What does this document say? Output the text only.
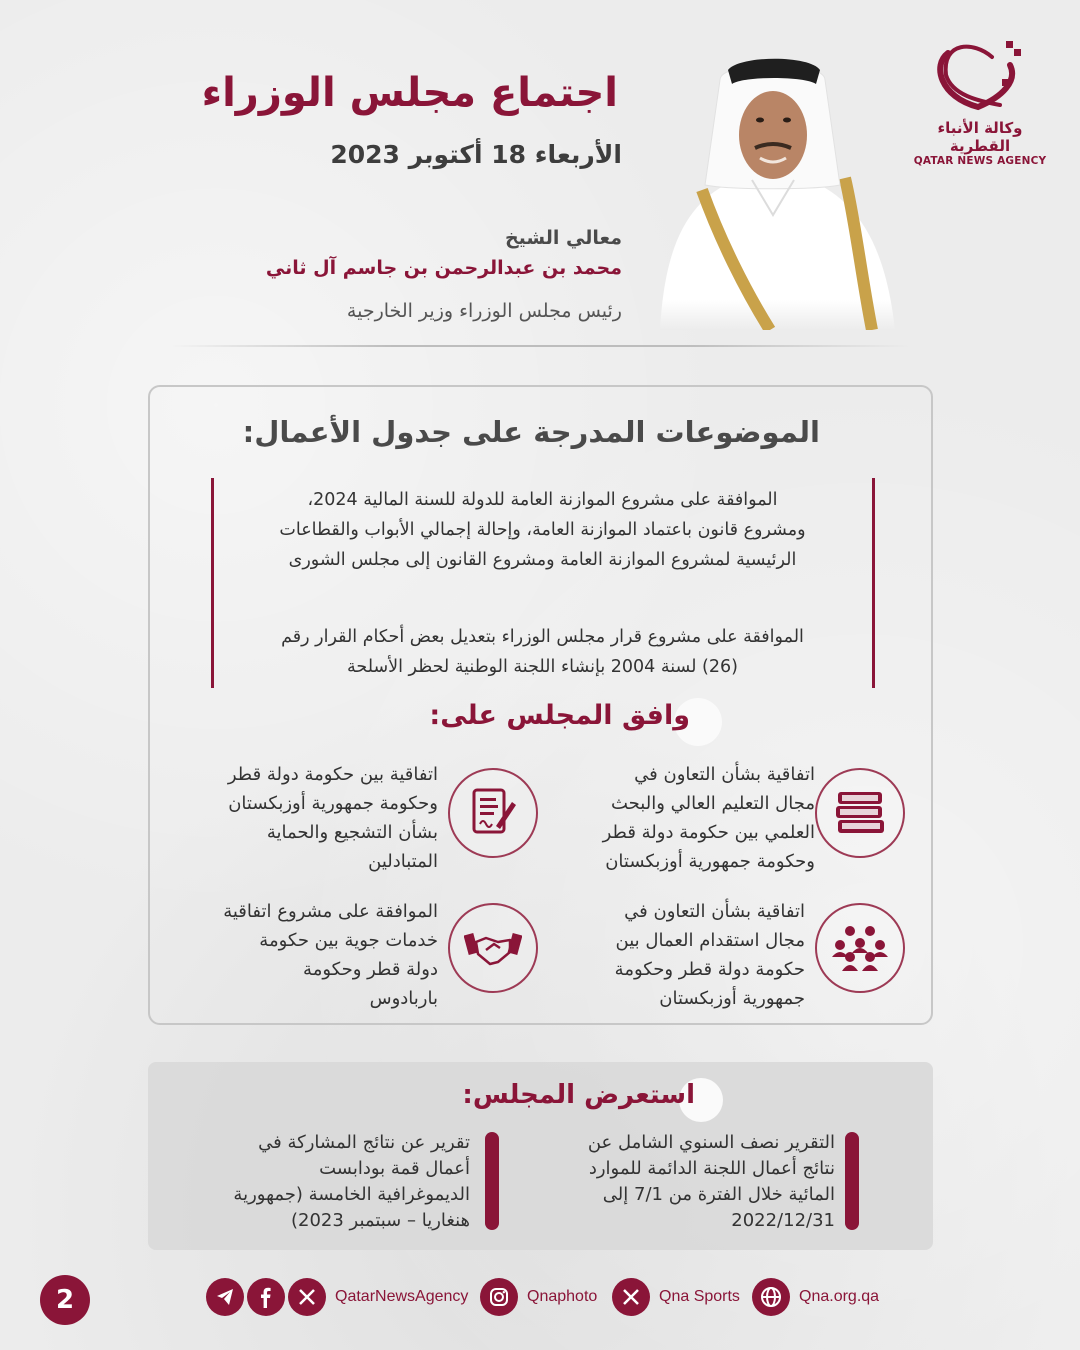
وكالة الأنباء القطرية
QATAR NEWS AGENCY
اجتماع مجلس الوزراء
الأربعاء 18 أكتوبر 2023
معالي الشيخ
محمد بن عبدالرحمن بن جاسم آل ثاني
رئيس مجلس الوزراء وزير الخارجية
الموضوعات المدرجة على جدول الأعمال:
الموافقة على مشروع الموازنة العامة للدولة للسنة المالية 2024،
ومشروع قانون باعتماد الموازنة العامة، وإحالة إجمالي الأبواب والقطاعات
الرئيسية لمشروع الموازنة العامة ومشروع القانون إلى مجلس الشورى
الموافقة على مشروع قرار مجلس الوزراء بتعديل بعض أحكام القرار رقم
(26) لسنة 2004 بإنشاء اللجنة الوطنية لحظر الأسلحة
وافق المجلس على:
اتفاقية بشأن التعاون في
مجال التعليم العالي والبحث
العلمي بين حكومة دولة قطر
وحكومة جمهورية أوزبكستان
اتفاقية بين حكومة دولة قطر
وحكومة جمهورية أوزبكستان
بشأن التشجيع والحماية
المتبادلين
اتفاقية بشأن التعاون في
مجال استقدام العمال بين
حكومة دولة قطر وحكومة
جمهورية أوزبكستان
الموافقة على مشروع اتفاقية
خدمات جوية بين حكومة
دولة قطر وحكومة
باربادوس
استعرض المجلس:
التقرير نصف السنوي الشامل عن
نتائج أعمال اللجنة الدائمة للموارد
المائية خلال الفترة من 7/1 إلى
2022/12/31
تقرير عن نتائج المشاركة في
أعمال قمة بودابست
الديموغرافية الخامسة (جمهورية
هنغاريا – سبتمبر 2023)
2	QatarNewsAgency	Qnaphoto	Qna Sports	Qna.org.qa
